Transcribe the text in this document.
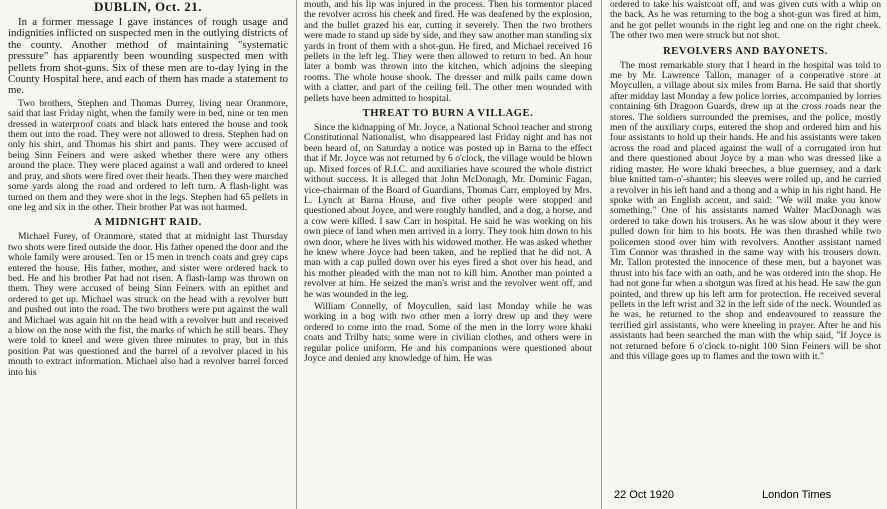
DUBLIN, Oct. 21.

In a former message I gave instances of rough usage and indignities inflicted on suspected men in the outlying districts of the county. Another method of maintaining "systematic pressure" has apparently been wounding suspected men with pellets from shot-guns. Six of these men are to-day lying in the County Hospital here, and each of them has made a statement to me.

Two brothers, Stephen and Thomas Durrey, living near Oranmore, said that last Friday night, when the family were in bed, nine or ten men dressed in waterproof coats and black hats entered the house and took them out into the road. They were not allowed to dress. Stephen had on only his shirt, and Thomas his shirt and pants. They were accused of being Sinn Feiners and were asked whether there were any others around the place. They were placed against a wall and ordered to kneel and pray, and shots were fired over their heads. Then they were marched some yards along the road and ordered to left turn. A flash-light was turned on them and they were shot in the legs. Stephen had 65 pellets in one leg and six in the other. Their brother Pat was not harmed.

A MIDNIGHT RAID.

Michael Furey, of Oranmore, stated that at midnight last Thursday two shots were fired outside the door. His father opened the door and the whole family were aroused. Ten or 15 men in trench coats and grey caps entered the house. His father, mother, and sister were ordered back to bed. He and his brother Pat had not risen. A flash-lamp was thrown on them. They were accused of being Sinn Feiners with an epithet and ordered to get up. Michael was struck on the head with a revolver butt and pushed out into the road. The two brothers were put against the wall and Michael was again hit on the head with a revolver butt and received a blow on the nose with the fist, the marks of which he still bears. They were told to kneel and were given three minutes to pray, but in this position Pat was questioned and the barrel of a revolver placed in his mouth to extract information. Michael also had a revolver barrel forced into his

mouth, and his lip was injured in the process. Then his tormentor placed the revolver across his cheek and fired. He was deafened by the explosion, and the bullet grazed his ear, cutting it severely. Then the two brothers were made to stand up side by side, and they saw another man standing six yards in front of them with a shot-gun. He fired, and Michael received 16 pellets in the left leg. They were then allowed to return to bed. An hour later a bomb was thrown into the kitchen, which adjoins the sleeping rooms. The whole house shook. The dresser and milk pails came down with a clatter, and part of the ceiling fell. The other men wounded with pellets have been admitted to hospital.

THREAT TO BURN A VILLAGE.

Since the kidnapping of Mr. Joyce, a National School teacher and strong Constitutional Nationalist, who disappeared last Friday night and has not been heard of, on Saturday a notice was posted up in Barna to the effect that if Mr. Joyce was not returned by 6 o'clock, the village would be blown up. Mixed forces of R.I.C. and auxiliaries have scoured the whole district without success. It is alleged that John McDonagh, Mr. Dominic Fagan, vice-chairman of the Board of Guardians, Thomas Carr, employed by Mrs. L. Lynch at Barna House, and five other people were stopped and questioned about Joyce, and were roughly handled, and a dog, a horse, and a cow were killed. I saw Carr in hospital. He said he was working on his own piece of land when men arrived in a lorry. They took him down to his own door, where he lives with his widowed mother. He was asked whether he knew where Joyce had been taken, and he replied that he did not. A man with a cap pulled down over his eyes fired a shot over his head, and his mother pleaded with the man not to kill him. Another man pointed a revolver at him. He seized the man's wrist and the revolver went off, and he was wounded in the leg.

William Connelly, of Moycullen, said last Monday while he was working in a bog with two other men a lorry drew up and they were ordered to come into the road. Some of the men in the lorry wore khaki coats and Trilby hats; some were in civilian clothes, and others were in regular police uniform. He and his companions were questioned about Joyce and denied any knowledge of him. He was

ordered to take his waistcoat off, and was given cuts with a whip on the back. As he was returning to the bog a shot-gun was fired at him, and he got pellet wounds in the right leg and one on the right cheek. The other two men were struck but not shot.

REVOLVERS AND BAYONETS.

The most remarkable story that I heard in the hospital was told to me by Mr. Lawrence Tallon, manager of a cooperative store at Moycullen, a village about six miles from Barna. He said that shortly after midday last Monday a few police lorries, accompanied by lorries containing 6th Dragoon Guards, drew up at the cross roads near the stores. The soldiers surrounded the premises, and the police, mostly men of the auxiliary corps, entered the shop and ordered him and his four assistants to hold up their hands. He and his assistants were taken across the road and placed against the wall of a corrugated iron hut and there questioned about Joyce by a man who was dressed like a riding master. He wore khaki breeches, a blue guernsey, and a dark blue knitted tam-o'-shanter; his sleeves were rolled up, and he carried a revolver in his left hand and a thong and a whip in his right hand. He spoke with an English accent, and said: "We will make you know something." One of his assistants named Walter MacDonagh was ordered to take down his trousers. As he was slow about it they were pulled down for him to his boots. He was then thrashed while two policemen stood over him with revolvers. Another assistant named Tim Connor was thrashed in the same way with his trousers down. Mr. Tallon protested the innocence of these men, but a bayonet was thrust into his face with an oath, and he was ordered into the shop. He had not gone far when a shotgun was fired at his head. He saw the gun pointed, and threw up his left arm for protection. He received several pellets in the left wrist and 32 in the left side of the neck. Wounded as he was, he returned to the shop and endeavoured to reassure the terrified girl assistants, who were kneeling in prayer. After he and his assistants had been searched the man with the whip said, "If Joyce is not returned before 6 o'clock to-night 100 Sinn Feiners will be shot and this village goes up to flames and the town with it."

22 Oct 1920	London Times
